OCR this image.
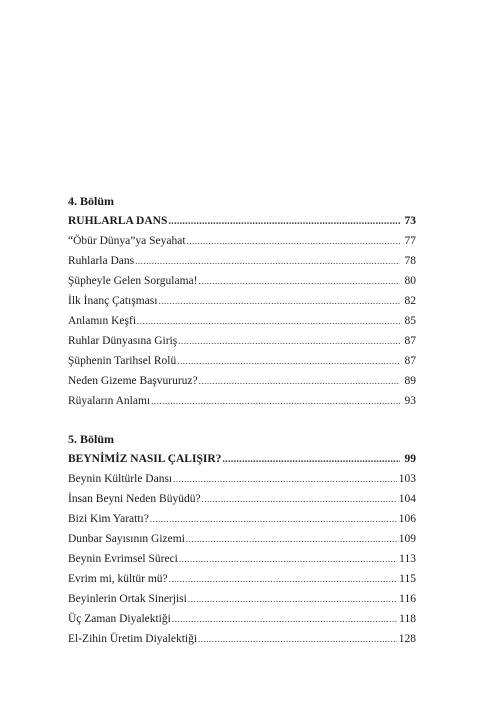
4. Bölüm
RUHLARLA DANS .....	73
“Öbür Dünya”ya Seyahat .....	77
Ruhlarla Dans .....	78
Şüpheyle Gelen Sorgulama! .....	80
İlk İnanç Çatışması .....	82
Anlamın Keşfi .....	85
Ruhlar Dünyasına Giriş .....	87
Şüphenin Tarihsel Rolü .....	87
Neden Gizeme Başvururuz? .....	89
Rüyaların Anlamı .....	93
5. Bölüm
BEYNİMİZ NASIL ÇALIŞIR? .....	99
Beynin Kültürle Dansı .....	103
İnsan Beyni Neden Büyüdü? .....	104
Bizi Kim Yarattı? .....	106
Dunbar Sayısının Gizemi .....	109
Beynin Evrimsel Süreci .....	113
Evrim mi, kültür mü? .....	115
Beyinlerin Ortak Sinerjisi .....	116
Üç Zaman Diyalektiği .....	118
El-Zihin Üretim Diyalektiği .....	128
